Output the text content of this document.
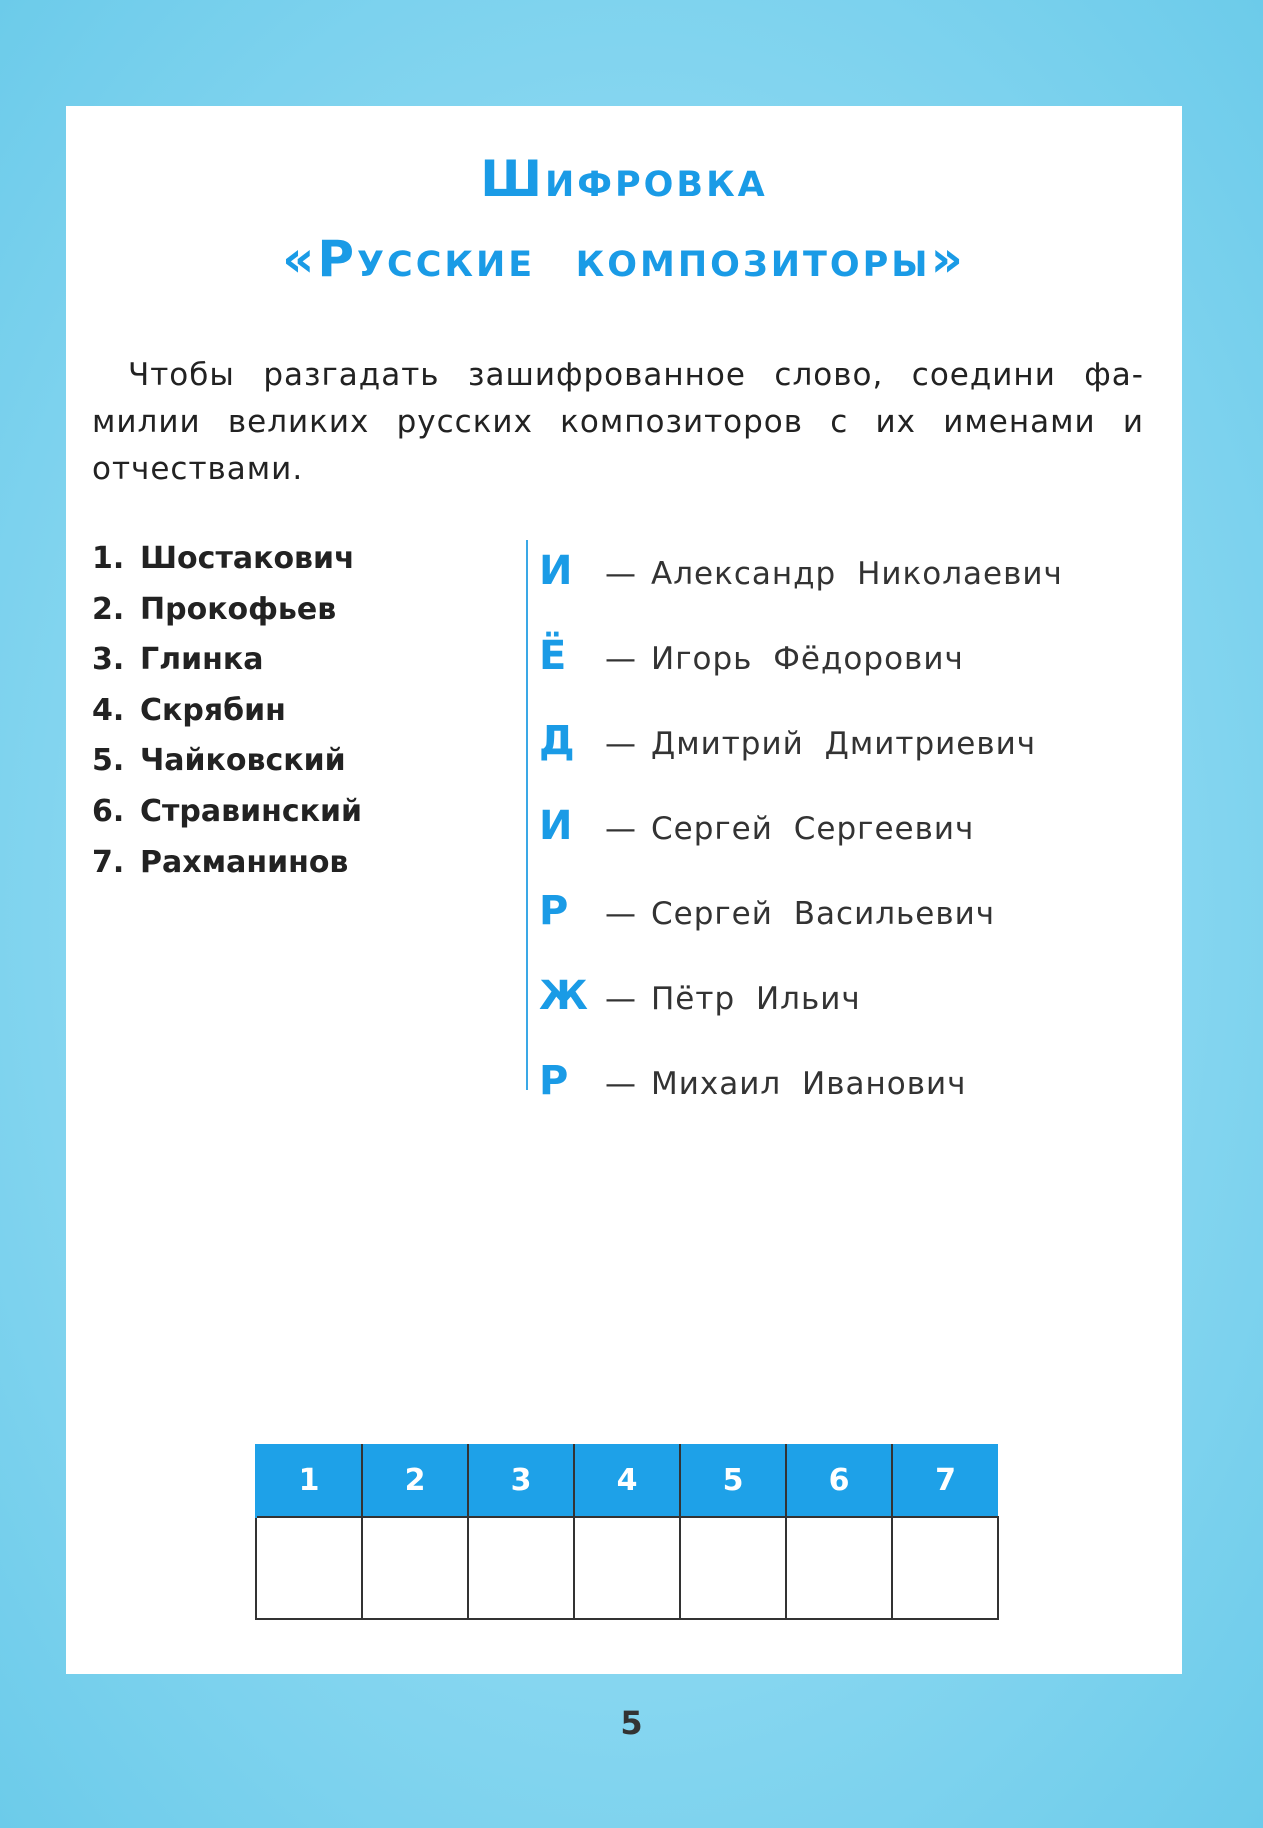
Шифровка
«Русские композиторы»
Чтобы разгадать зашифрованное слово, соедини фа-
милии великих русских композиторов с их именами и
отчествами.
1. Шостакович
2. Прокофьев
3. Глинка
4. Скрябин
5. Чайковский
6. Стравинский
7. Рахманинов
И — Александр Николаевич
Ё — Игорь Фёдорович
Д — Дмитрий Дмитриевич
И — Сергей Сергеевич
Р — Сергей Васильевич
Ж — Пётр Ильич
Р — Михаил Иванович
1	2	3	4	5	6	7

5
